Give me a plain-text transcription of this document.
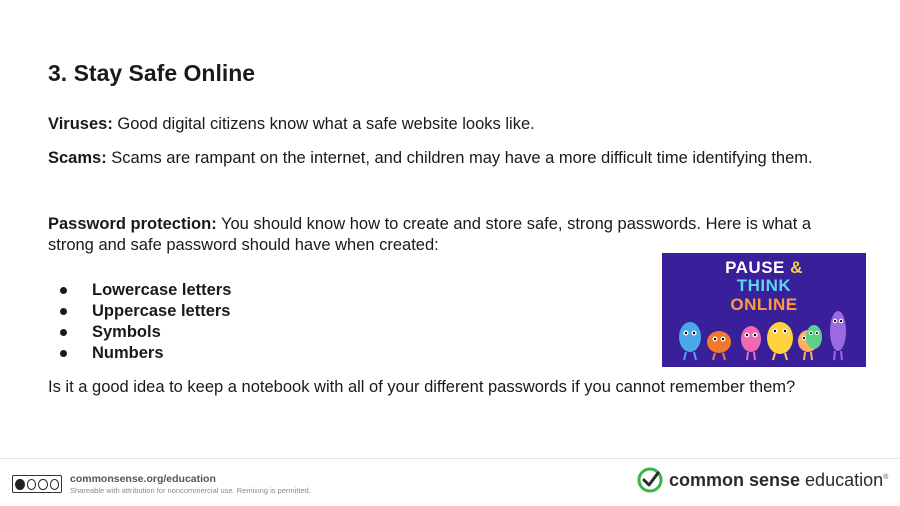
3. Stay Safe Online

Viruses: Good digital citizens know what a safe website looks like.

Scams: Scams are rampant on the internet, and children may have a more difficult time identifying them.

Password protection: You should know how to create and store safe, strong passwords. Here is what a strong and safe password should have when created:

Lowercase letters
Uppercase letters
Symbols
Numbers

Is it a good idea to keep a notebook with all of your different passwords if you cannot remember them?

PAUSE &
THINK
ONLINE
commonsense.org/education
Shareable with attribution for noncommercial use. Remixing is permitted.
common sense education®
